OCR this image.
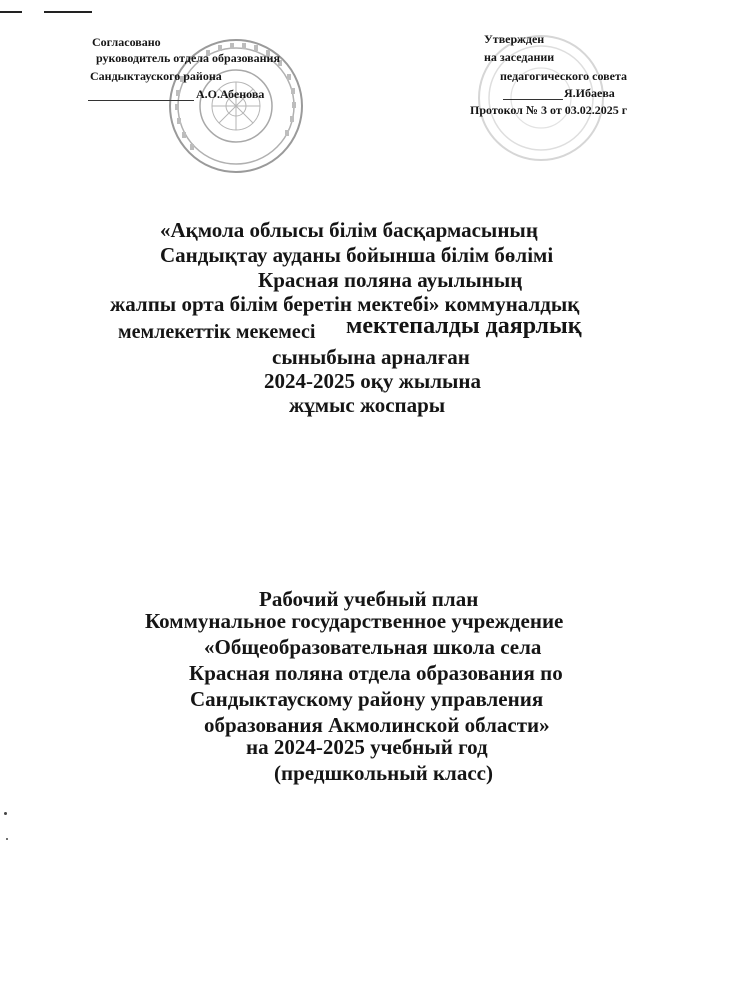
Согласовано
руководитель отдела образования
Сандыктауского района
А.О.Абенова
Утвержден
на заседании
педагогического совета
Я.Ибаева
Протокол № 3 от 03.02.2025 г
«Ақмола облысы білім басқармасының
Сандықтау ауданы бойынша білім бөлімі
Красная поляна ауылының
жалпы орта білім беретін мектебі» коммуналдық
мемлекеттік мекемесі мектепалды даярлық
сыныбына арналған
2024-2025 оқу жылына
жұмыс жоспары
Рабочий учебный план
Коммунальное государственное учреждение
«Общеобразовательная школа села
Красная поляна отдела образования по
Сандыктаускому району управления
образования Акмолинской области»
на 2024-2025 учебный год
(предшкольный класс)
